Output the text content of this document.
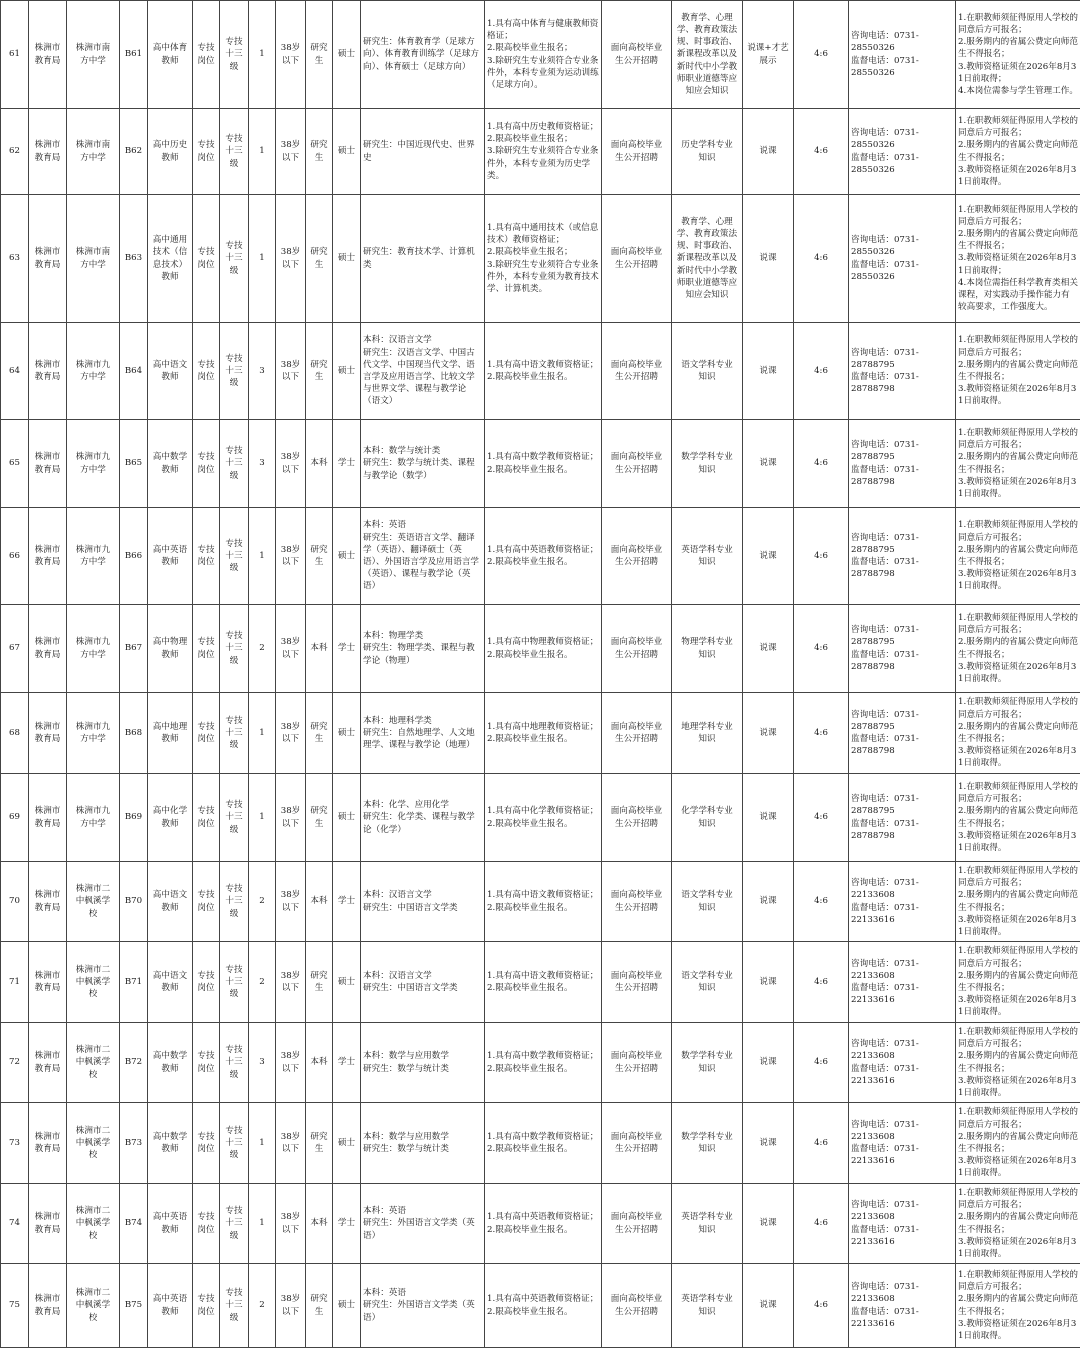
61	株洲市
教育局	株洲市南
方中学	B61	高中体育
教师	专技
岗位	专技
十三
级	1	38岁
以下	研究
生	硕士	研究生：体育教育学（足球方向）、体育教育训练学（足球方向）、体育硕士（足球方向）	1.具有高中体育与健康教师资格证；
2.限高校毕业生报名；
3.除研究生专业须符合专业条件外，本科专业须为运动训练（足球方向）。	面向高校毕业
生公开招聘	教育学、心理学、教育政策法规、时事政治、新课程改革以及新时代中小学教师职业道德等应知应会知识	说课+才艺展示	4:6	咨询电话：0731-
28550326
监督电话：0731-
28550326	1.在职教师须征得原用人学校的同意后方可报名；
2.服务期内的省属公费定向师范生不得报名；
3.教师资格证须在2026年8月31日前取得；
4.本岗位需参与学生管理工作。

62	株洲市
教育局	株洲市南
方中学	B62	高中历史
教师	专技
岗位	专技
十三
级	1	38岁
以下	研究
生	硕士	研究生：中国近现代史、世界史	1.具有高中历史教师资格证；
2.限高校毕业生报名；
3.除研究生专业须符合专业条件外，本科专业须为历史学类。	面向高校毕业
生公开招聘	历史学科专业
知识	说课	4:6	咨询电话：0731-
28550326
监督电话：0731-
28550326	1.在职教师须征得原用人学校的同意后方可报名；
2.服务期内的省属公费定向师范生不得报名；
3.教师资格证须在2026年8月31日前取得。

63	株洲市
教育局	株洲市南
方中学	B63	高中通用
技术（信
息技术）
教师	专技
岗位	专技
十三
级	1	38岁
以下	研究
生	硕士	研究生：教育技术学、计算机类	1.具有高中通用技术（或信息技术）教师资格证；
2.限高校毕业生报名；
3.除研究生专业须符合专业条件外，本科专业须为教育技术学、计算机类。	面向高校毕业
生公开招聘	教育学、心理学、教育政策法规、时事政治、新课程改革以及新时代中小学教师职业道德等应知应会知识	说课	4:6	咨询电话：0731-
28550326
监督电话：0731-
28550326	1.在职教师须征得原用人学校的同意后方可报名；
2.服务期内的省属公费定向师范生不得报名；
3.教师资格证须在2026年8月31日前取得；
4.本岗位需指任科学教育类相关课程，对实践动手操作能力有较高要求，工作强度大。

64	株洲市
教育局	株洲市九
方中学	B64	高中语文
教师	专技
岗位	专技
十三
级	3	38岁
以下	研究
生	硕士	本科：汉语言文学
研究生：汉语言文学、中国古代文学、中国现当代文学、语言学及应用语言学、比较文学与世界文学、课程与教学论（语文）	1.具有高中语文教师资格证；
2.限高校毕业生报名。	面向高校毕业
生公开招聘	语文学科专业
知识	说课	4:6	咨询电话：0731-
28788795
监督电话：0731-
28788798	1.在职教师须征得原用人学校的同意后方可报名；
2.服务期内的省属公费定向师范生不得报名；
3.教师资格证须在2026年8月31日前取得。

65	株洲市
教育局	株洲市九
方中学	B65	高中数学
教师	专技
岗位	专技
十三
级	3	38岁
以下	本科	学士	本科：数学与统计类
研究生：数学与统计类、课程与教学论（数学）	1.具有高中数学教师资格证；
2.限高校毕业生报名。	面向高校毕业
生公开招聘	数学学科专业
知识	说课	4:6	咨询电话：0731-
28788795
监督电话：0731-
28788798	1.在职教师须征得原用人学校的同意后方可报名；
2.服务期内的省属公费定向师范生不得报名；
3.教师资格证须在2026年8月31日前取得。

66	株洲市
教育局	株洲市九
方中学	B66	高中英语
教师	专技
岗位	专技
十三
级	1	38岁
以下	研究
生	硕士	本科：英语
研究生：英语语言文学、翻译学（英语）、翻译硕士（英语）、外国语言学及应用语言学（英语）、课程与教学论（英语）	1.具有高中英语教师资格证；
2.限高校毕业生报名。	面向高校毕业
生公开招聘	英语学科专业
知识	说课	4:6	咨询电话：0731-
28788795
监督电话：0731-
28788798	1.在职教师须征得原用人学校的同意后方可报名；
2.服务期内的省属公费定向师范生不得报名；
3.教师资格证须在2026年8月31日前取得。

67	株洲市
教育局	株洲市九
方中学	B67	高中物理
教师	专技
岗位	专技
十三
级	2	38岁
以下	本科	学士	本科：物理学类
研究生：物理学类、课程与教学论（物理）	1.具有高中物理教师资格证；
2.限高校毕业生报名。	面向高校毕业
生公开招聘	物理学科专业
知识	说课	4:6	咨询电话：0731-
28788795
监督电话：0731-
28788798	1.在职教师须征得原用人学校的同意后方可报名；
2.服务期内的省属公费定向师范生不得报名；
3.教师资格证须在2026年8月31日前取得。

68	株洲市
教育局	株洲市九
方中学	B68	高中地理
教师	专技
岗位	专技
十三
级	1	38岁
以下	研究
生	硕士	本科：地理科学类
研究生：自然地理学、人文地理学、课程与教学论（地理）	1.具有高中地理教师资格证；
2.限高校毕业生报名。	面向高校毕业
生公开招聘	地理学科专业
知识	说课	4:6	咨询电话：0731-
28788795
监督电话：0731-
28788798	1.在职教师须征得原用人学校的同意后方可报名；
2.服务期内的省属公费定向师范生不得报名；
3.教师资格证须在2026年8月31日前取得。

69	株洲市
教育局	株洲市九
方中学	B69	高中化学
教师	专技
岗位	专技
十三
级	1	38岁
以下	研究
生	硕士	本科：化学、应用化学
研究生：化学类、课程与教学论（化学）	1.具有高中化学教师资格证；
2.限高校毕业生报名。	面向高校毕业
生公开招聘	化学学科专业
知识	说课	4:6	咨询电话：0731-
28788795
监督电话：0731-
28788798	1.在职教师须征得原用人学校的同意后方可报名；
2.服务期内的省属公费定向师范生不得报名；
3.教师资格证须在2026年8月31日前取得。

70	株洲市
教育局	株洲市二
中枫溪学
校	B70	高中语文
教师	专技
岗位	专技
十三
级	2	38岁
以下	本科	学士	本科：汉语言文学
研究生：中国语言文学类	1.具有高中语文教师资格证；
2.限高校毕业生报名。	面向高校毕业
生公开招聘	语文学科专业
知识	说课	4:6	咨询电话：0731-
22133608
监督电话：0731-
22133616	1.在职教师须征得原用人学校的同意后方可报名；
2.服务期内的省属公费定向师范生不得报名；
3.教师资格证须在2026年8月31日前取得。

71	株洲市
教育局	株洲市二
中枫溪学
校	B71	高中语文
教师	专技
岗位	专技
十三
级	2	38岁
以下	研究
生	硕士	本科：汉语言文学
研究生：中国语言文学类	1.具有高中语文教师资格证；
2.限高校毕业生报名。	面向高校毕业
生公开招聘	语文学科专业
知识	说课	4:6	咨询电话：0731-
22133608
监督电话：0731-
22133616	1.在职教师须征得原用人学校的同意后方可报名；
2.服务期内的省属公费定向师范生不得报名；
3.教师资格证须在2026年8月31日前取得。

72	株洲市
教育局	株洲市二
中枫溪学
校	B72	高中数学
教师	专技
岗位	专技
十三
级	3	38岁
以下	本科	学士	本科：数学与应用数学
研究生：数学与统计类	1.具有高中数学教师资格证；
2.限高校毕业生报名。	面向高校毕业
生公开招聘	数学学科专业
知识	说课	4:6	咨询电话：0731-
22133608
监督电话：0731-
22133616	1.在职教师须征得原用人学校的同意后方可报名；
2.服务期内的省属公费定向师范生不得报名；
3.教师资格证须在2026年8月31日前取得。

73	株洲市
教育局	株洲市二
中枫溪学
校	B73	高中数学
教师	专技
岗位	专技
十三
级	1	38岁
以下	研究
生	硕士	本科：数学与应用数学
研究生：数学与统计类	1.具有高中数学教师资格证；
2.限高校毕业生报名。	面向高校毕业
生公开招聘	数学学科专业
知识	说课	4:6	咨询电话：0731-
22133608
监督电话：0731-
22133616	1.在职教师须征得原用人学校的同意后方可报名；
2.服务期内的省属公费定向师范生不得报名；
3.教师资格证须在2026年8月31日前取得。

74	株洲市
教育局	株洲市二
中枫溪学
校	B74	高中英语
教师	专技
岗位	专技
十三
级	1	38岁
以下	本科	学士	本科：英语
研究生：外国语言文学类（英语）	1.具有高中英语教师资格证；
2.限高校毕业生报名。	面向高校毕业
生公开招聘	英语学科专业
知识	说课	4:6	咨询电话：0731-
22133608
监督电话：0731-
22133616	1.在职教师须征得原用人学校的同意后方可报名；
2.服务期内的省属公费定向师范生不得报名；
3.教师资格证须在2026年8月31日前取得。

75	株洲市
教育局	株洲市二
中枫溪学
校	B75	高中英语
教师	专技
岗位	专技
十三
级	2	38岁
以下	研究
生	硕士	本科：英语
研究生：外国语言文学类（英语）	1.具有高中英语教师资格证；
2.限高校毕业生报名。	面向高校毕业
生公开招聘	英语学科专业
知识	说课	4:6	咨询电话：0731-
22133608
监督电话：0731-
22133616	1.在职教师须征得原用人学校的同意后方可报名；
2.服务期内的省属公费定向师范生不得报名；
3.教师资格证须在2026年8月31日前取得。
